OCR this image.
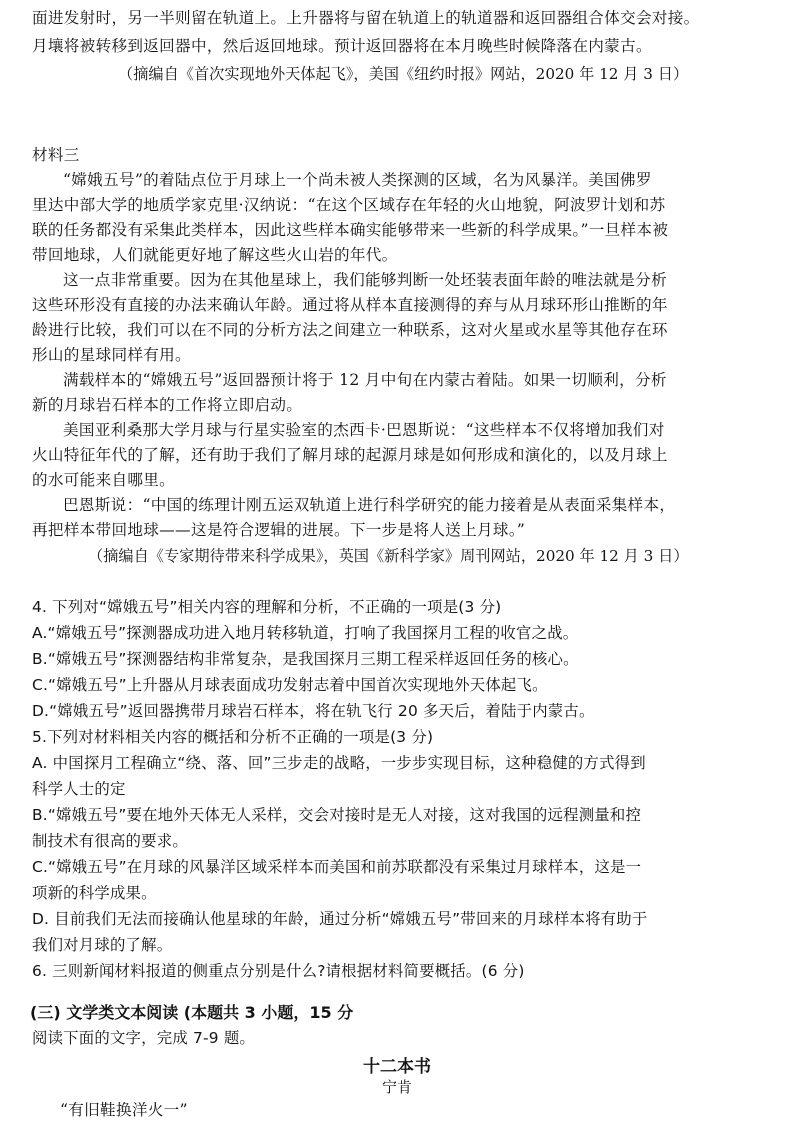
面进发射时，另一半则留在轨道上。上升器将与留在轨道上的轨道器和返回器组合体交会对接。

月壤将被转移到返回器中，然后返回地球。预计返回器将在本月晚些时候降落在内蒙古。

（摘编自《首次实现地外天体起飞》，美国《纽约时报》网站，2020 年 12 月 3 日）

材料三

“嫦娥五号”的着陆点位于月球上一个尚未被人类探测的区域，名为风暴洋。美国佛罗

里达中部大学的地质学家克里·汉纳说：“在这个区域存在年轻的火山地貌，阿波罗计划和苏

联的任务都没有采集此类样本，因此这些样本确实能够带来一些新的科学成果。”一旦样本被

带回地球，人们就能更好地了解这些火山岩的年代。

这一点非常重要。因为在其他星球上，我们能够判断一处坯装表面年龄的唯法就是分析

这些环形没有直接的办法来确认年龄。通过将从样本直接测得的弃与从月球环形山推断的年

龄进行比较，我们可以在不同的分析方法之间建立一种联系，这对火星或水星等其他存在环

形山的星球同样有用。

满载样本的“嫦娥五号”返回器预计将于 12 月中旬在内蒙古着陆。如果一切顺利，分析

新的月球岩石样本的工作将立即启动。

美国亚利桑那大学月球与行星实验室的杰西卡·巴恩斯说：“这些样本不仅将增加我们对

火山特征年代的了解，还有助于我们了解月球的起源月球是如何形成和演化的，以及月球上

的水可能来自哪里。

巴恩斯说：“中国的练理计刚五运双轨道上进行科学研究的能力接着是从表面采集样本，

再把样本带回地球——这是符合逻辑的进展。下一步是将人送上月球。”

（摘编自《专家期待带来科学成果》，英国《新科学家》周刊网站，2020 年 12 月 3 日）

4. 下列对“嫦娥五号”相关内容的理解和分析，不正确的一项是(3 分)

A.“嫦娥五号”探测器成功进入地月转移轨道，打响了我国探月工程的收官之战。

B.“嫦娥五号”探测器结构非常复杂，是我国探月三期工程采样返回任务的核心。

C.“嫦娥五号”上升器从月球表面成功发射志着中国首次实现地外天体起飞。

D.“嫦娥五号”返回器携带月球岩石样本，将在轨飞行 20 多天后，着陆于内蒙古。

5.下列对材料相关内容的概括和分析不正确的一项是(3 分)

A. 中国探月工程确立“绕、落、回”三步走的战略，一步步实现目标，这种稳健的方式得到

科学人士的定

B.“嫦娥五号”要在地外天体无人采样，交会对接时是无人对接，这对我国的远程测量和控

制技术有很高的要求。

C.“嫦娥五号”在月球的风暴洋区域采样本而美国和前苏联都没有采集过月球样本，这是一

项新的科学成果。

D. 目前我们无法而接确认他星球的年龄，通过分析“嫦娥五号”带回来的月球样本将有助于

我们对月球的了解。

6. 三则新闻材料报道的侧重点分别是什么?请根据材料简要概括。(6 分)

(三) 文学类文本阅读 (本题共 3 小题，15 分

阅读下面的文字，完成 7-9 题。

十二本书

宁肯

“有旧鞋换洋火一”
